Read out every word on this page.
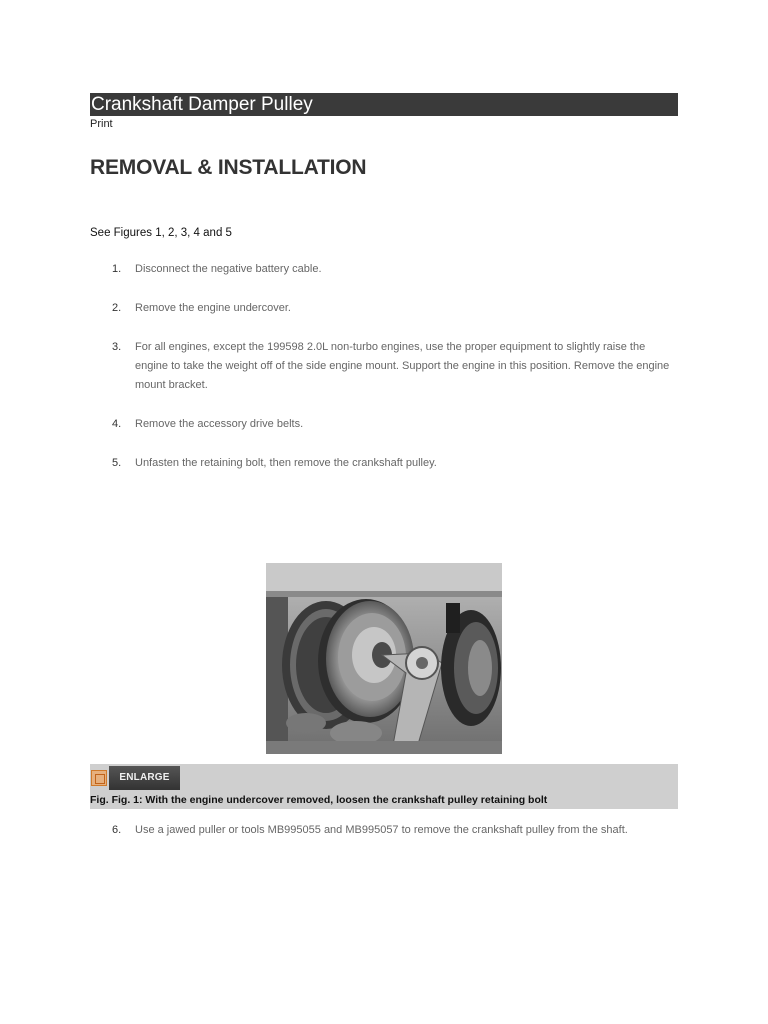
Crankshaft Damper Pulley
Print
REMOVAL & INSTALLATION
See Figures 1, 2, 3, 4 and 5
1. Disconnect the negative battery cable.
2. Remove the engine undercover.
3. For all engines, except the 199598 2.0L non-turbo engines, use the proper equipment to slightly raise the engine to take the weight off of the side engine mount. Support the engine in this position. Remove the engine mount bracket.
4. Remove the accessory drive belts.
5. Unfasten the retaining bolt, then remove the crankshaft pulley.
ENLARGE
Fig. Fig. 1: With the engine undercover removed, loosen the crankshaft pulley retaining bolt
6. Use a jawed puller or tools MB995055 and MB995057 to remove the crankshaft pulley from the shaft.
